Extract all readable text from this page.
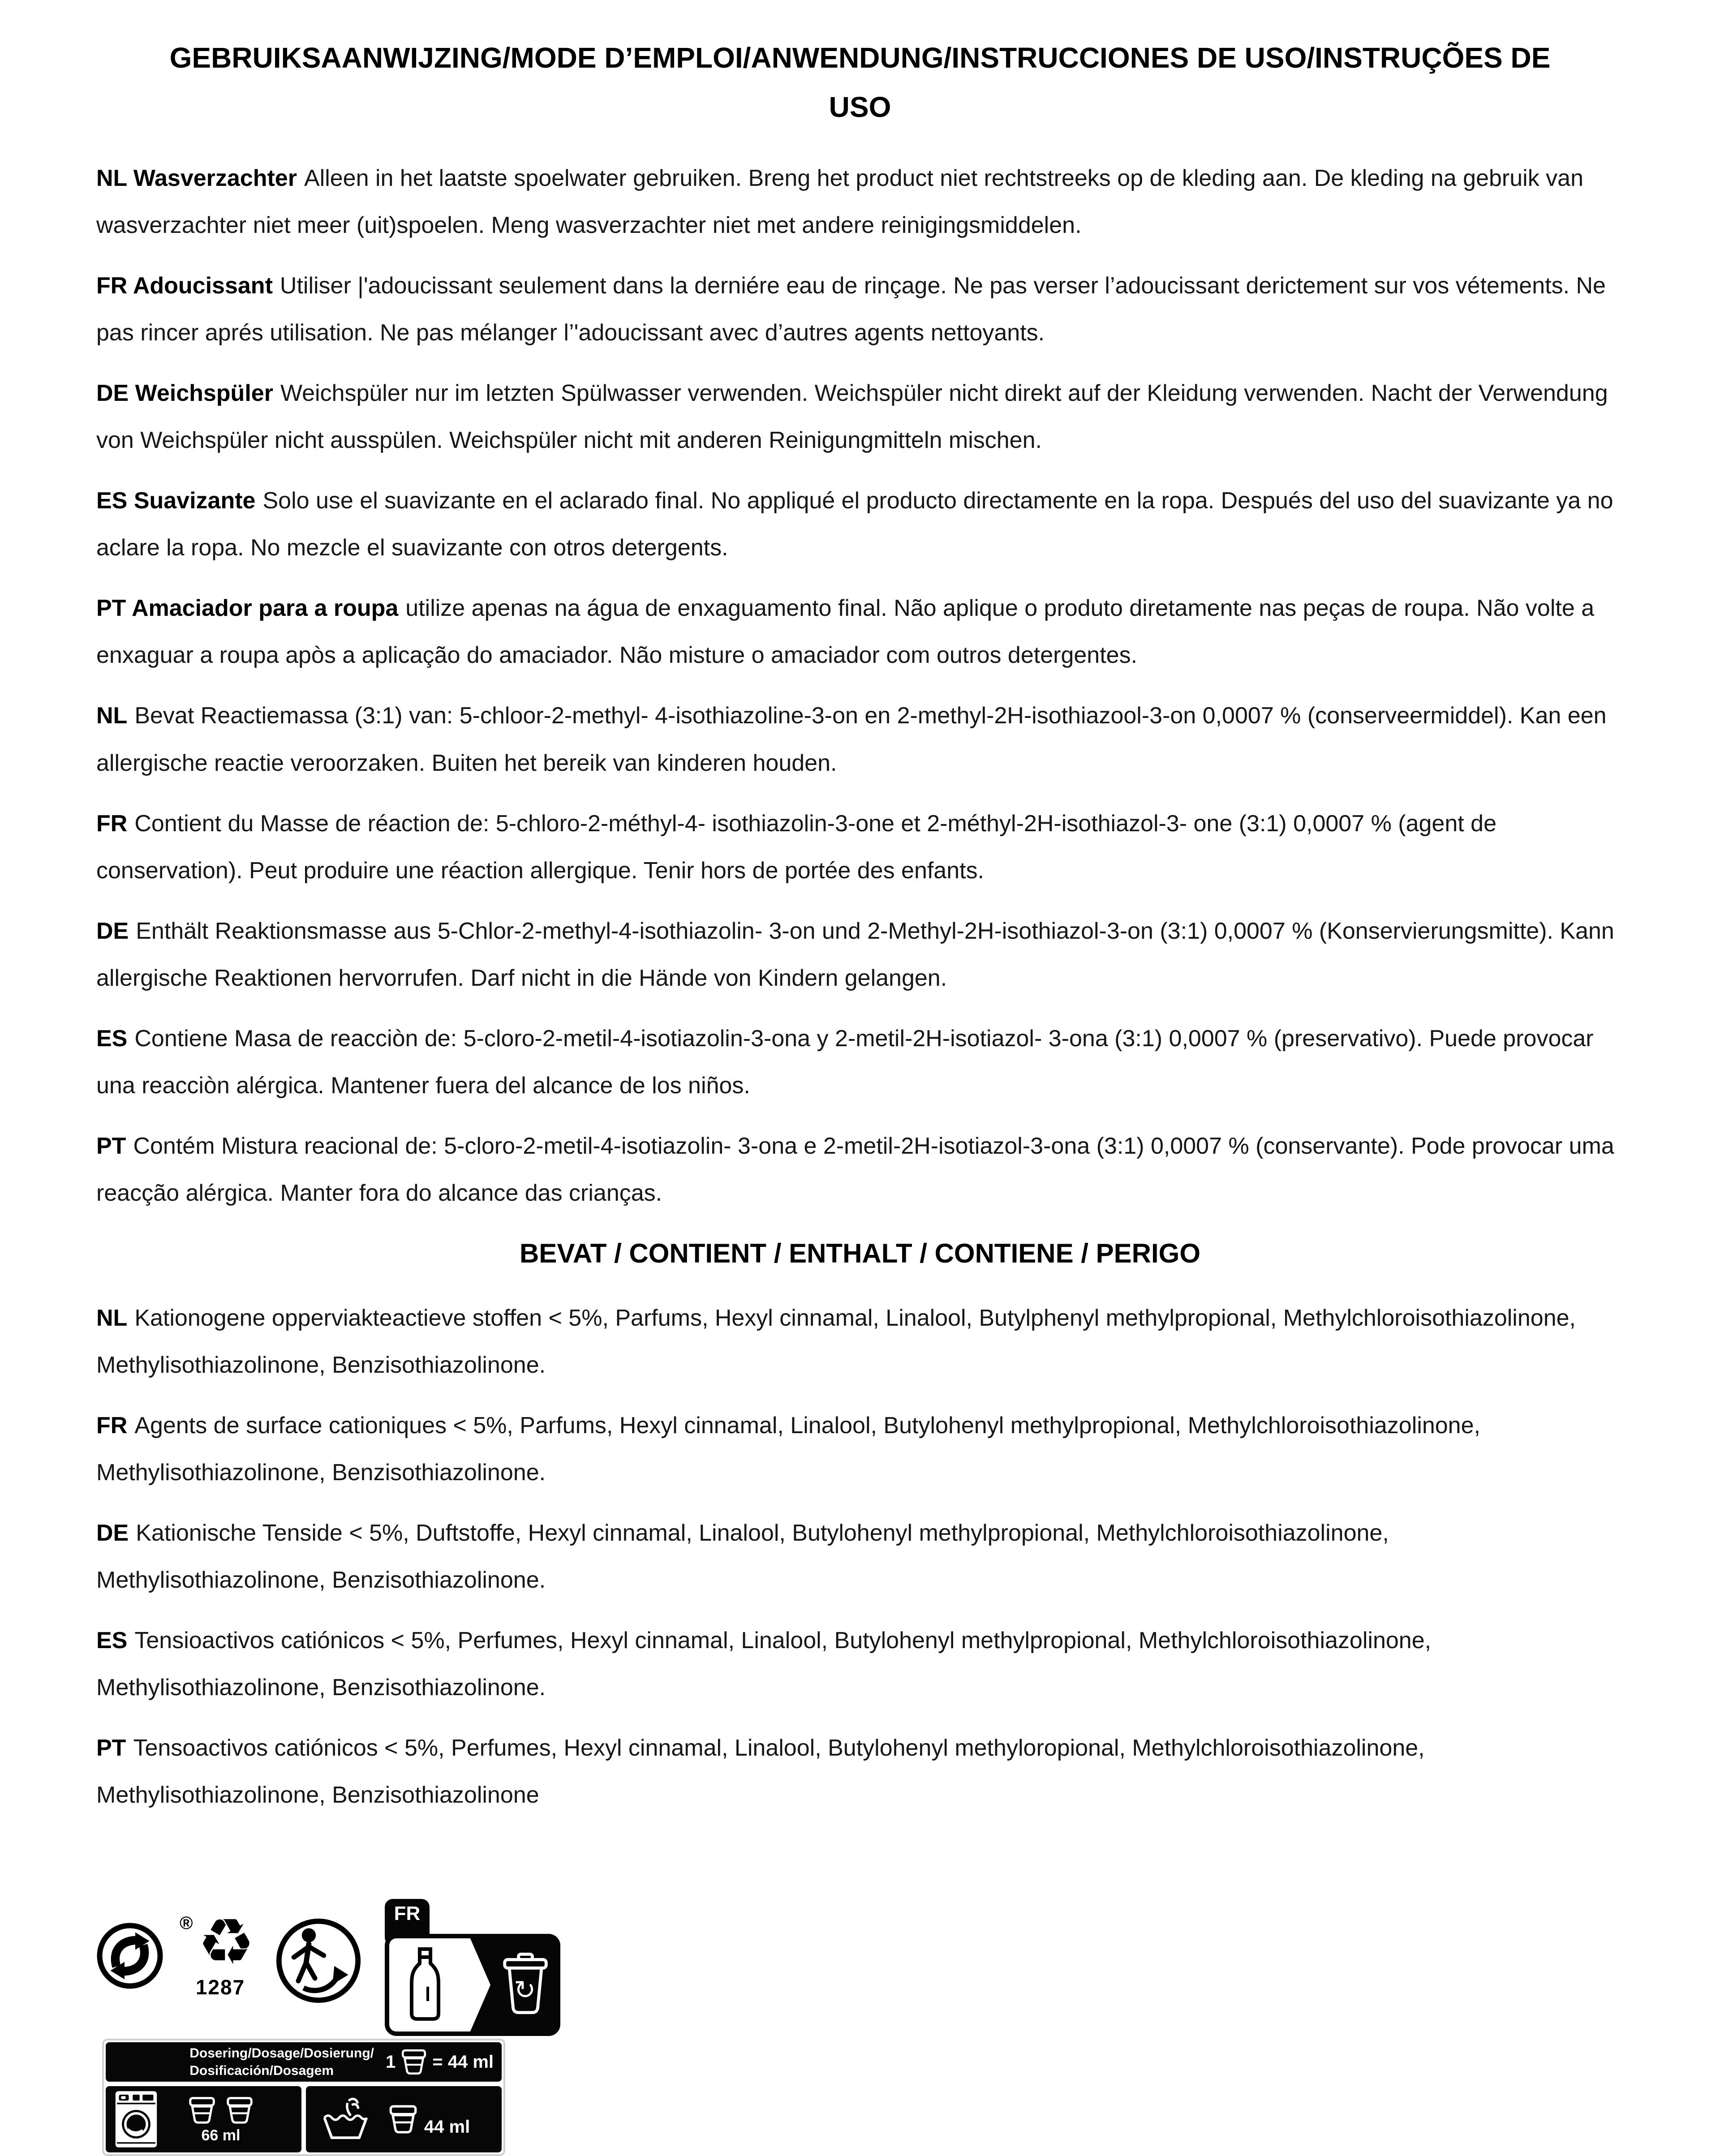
GEBRUIKSAANWIJZING/MODE D’EMPLOI/ANWENDUNG/INSTRUCCIONES DE USO/INSTRUÇÕES DE
USO

NL Wasverzachter Alleen in het laatste spoelwater gebruiken. Breng het product niet rechtstreeks op de kleding aan. De kleding na gebruik van wasverzachter niet meer (uit)spoelen. Meng wasverzachter niet met andere reinigingsmiddelen.

FR Adoucissant Utiliser |'adoucissant seulement dans la derniére eau de rinçage. Ne pas verser l’adoucissant derictement sur vos vétements. Ne pas rincer aprés utilisation. Ne pas mélanger l’'adoucissant avec d’autres agents nettoyants.

DE Weichspüler Weichspüler nur im letzten Spülwasser verwenden. Weichspüler nicht direkt auf der Kleidung verwenden. Nacht der Verwendung von Weichspüler nicht ausspülen. Weichspüler nicht mit anderen Reinigungmitteln mischen.

ES Suavizante Solo use el suavizante en el aclarado final. No appliqué el producto directamente en la ropa. Después del uso del suavizante ya no aclare la ropa. No mezcle el suavizante con otros detergents.

PT Amaciador para a roupa utilize apenas na água de enxaguamento final. Não aplique o produto diretamente nas peças de roupa. Não volte a enxaguar a roupa apòs a aplicação do amaciador. Não misture o amaciador com outros detergentes.

NL Bevat Reactiemassa (3:1) van: 5-chloor-2-methyl- 4-isothiazoline-3-on en 2-methyl-2H-isothiazool-3-on 0,0007 % (conserveermiddel). Kan een allergische reactie veroorzaken. Buiten het bereik van kinderen houden.

FR Contient du Masse de réaction de: 5-chloro-2-méthyl-4- isothiazolin-3-one et 2-méthyl-2H-isothiazol-3- one (3:1) 0,0007 % (agent de conservation). Peut produire une réaction allergique. Tenir hors de portée des enfants.

DE Enthält Reaktionsmasse aus 5-Chlor-2-methyl-4-isothiazolin- 3-on und 2-Methyl-2H-isothiazol-3-on (3:1) 0,0007 % (Konservierungsmitte). Kann allergische Reaktionen hervorrufen. Darf nicht in die Hände von Kindern gelangen.

ES Contiene Masa de reacciòn de: 5-cloro-2-metil-4-isotiazolin-3-ona y 2-metil-2H-isotiazol- 3-ona (3:1) 0,0007 % (preservativo). Puede provocar una reacciòn alérgica. Mantener fuera del alcance de los niños.

PT Contém Mistura reacional de: 5-cloro-2-metil-4-isotiazolin- 3-ona e 2-metil-2H-isotiazol-3-ona (3:1) 0,0007 % (conservante). Pode provocar uma reacção alérgica. Manter fora do alcance das crianças.

BEVAT / CONTIENT / ENTHALT / CONTIENE / PERIGO

NL Kationogene opperviakteactieve stoffen < 5%, Parfums, Hexyl cinnamal, Linalool, Butylphenyl methylpropional, Methylchloroisothiazolinone, Methylisothiazolinone, Benzisothiazolinone.

FR Agents de surface cationiques < 5%, Parfums, Hexyl cinnamal, Linalool, Butylohenyl methylpropional, Methylchloroisothiazolinone, Methylisothiazolinone, Benzisothiazolinone.

DE Kationische Tenside < 5%, Duftstoffe, Hexyl cinnamal, Linalool, Butylohenyl methylpropional, Methylchloroisothiazolinone, Methylisothiazolinone, Benzisothiazolinone.

ES Tensioactivos catiónicos < 5%, Perfumes, Hexyl cinnamal, Linalool, Butylohenyl methylpropional, Methylchloroisothiazolinone, Methylisothiazolinone, Benzisothiazolinone.

PT Tensoactivos catiónicos < 5%, Perfumes, Hexyl cinnamal, Linalool, Butylohenyl methyloropional, Methylchloroisothiazolinone, Methylisothiazolinone, Benzisothiazolinone

® ♻
1287
FR
↻
Dosering/Dosage/Dosierung/
Dosificación/Dosagem	1 = 44 ml
66 ml	44 ml
